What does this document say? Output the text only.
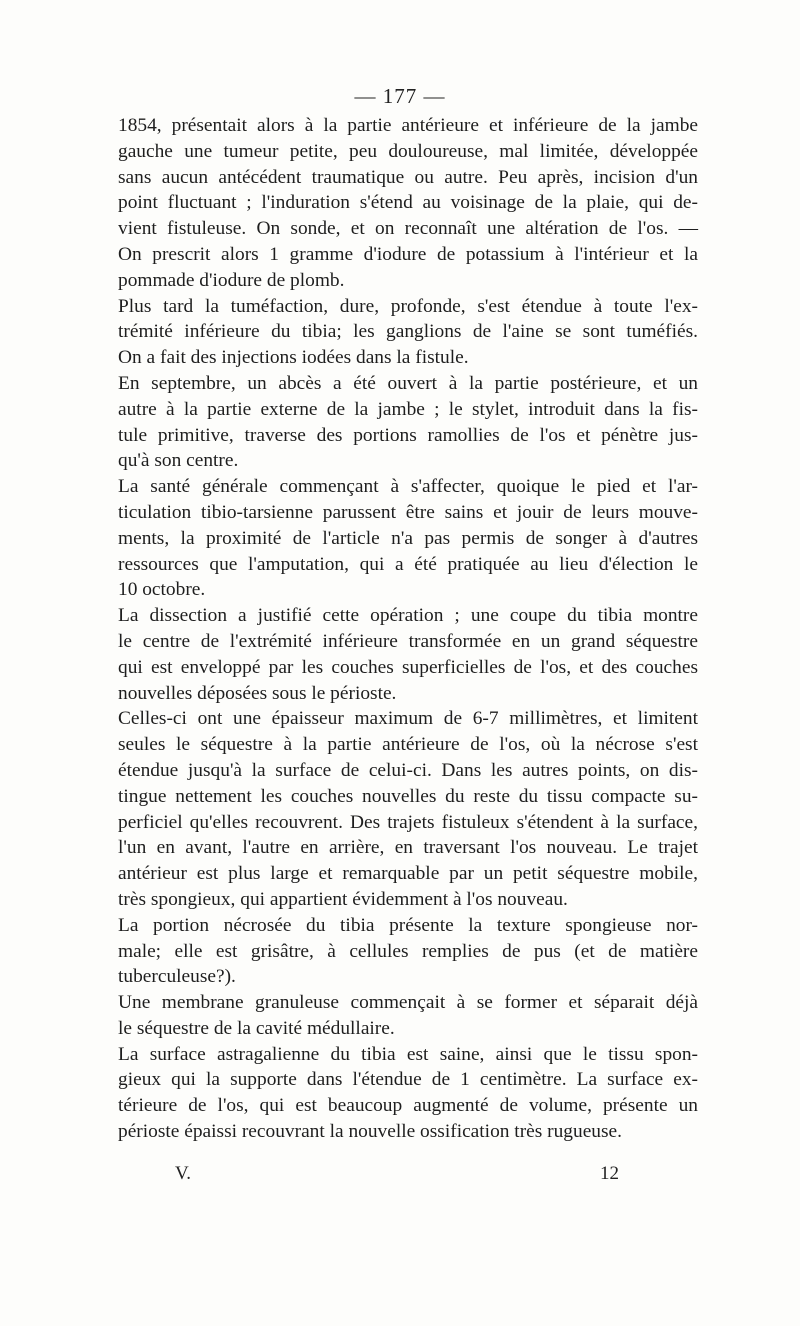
— 177 —

1854, présentait alors à la partie antérieure et inférieure de la jambe
gauche une tumeur petite, peu douloureuse, mal limitée, développée
sans aucun antécédent traumatique ou autre. Peu après, incision d'un
point fluctuant ; l'induration s'étend au voisinage de la plaie, qui de-
vient fistuleuse. On sonde, et on reconnaît une altération de l'os. —
On prescrit alors 1 gramme d'iodure de potassium à l'intérieur et la
pommade d'iodure de plomb.

Plus tard la tuméfaction, dure, profonde, s'est étendue à toute l'ex-
trémité inférieure du tibia; les ganglions de l'aine se sont tuméfiés.
On a fait des injections iodées dans la fistule.

En septembre, un abcès a été ouvert à la partie postérieure, et un
autre à la partie externe de la jambe ; le stylet, introduit dans la fis-
tule primitive, traverse des portions ramollies de l'os et pénètre jus-
qu'à son centre.

La santé générale commençant à s'affecter, quoique le pied et l'ar-
ticulation tibio-tarsienne parussent être sains et jouir de leurs mouve-
ments, la proximité de l'article n'a pas permis de songer à d'autres
ressources que l'amputation, qui a été pratiquée au lieu d'élection le
10 octobre.

La dissection a justifié cette opération ; une coupe du tibia montre
le centre de l'extrémité inférieure transformée en un grand séquestre
qui est enveloppé par les couches superficielles de l'os, et des couches
nouvelles déposées sous le périoste.

Celles-ci ont une épaisseur maximum de 6-7 millimètres, et limitent
seules le séquestre à la partie antérieure de l'os, où la nécrose s'est
étendue jusqu'à la surface de celui-ci. Dans les autres points, on dis-
tingue nettement les couches nouvelles du reste du tissu compacte su-
perficiel qu'elles recouvrent. Des trajets fistuleux s'étendent à la surface,
l'un en avant, l'autre en arrière, en traversant l'os nouveau. Le trajet
antérieur est plus large et remarquable par un petit séquestre mobile,
très spongieux, qui appartient évidemment à l'os nouveau.

La portion nécrosée du tibia présente la texture spongieuse nor-
male; elle est grisâtre, à cellules remplies de pus (et de matière
tuberculeuse?).

Une membrane granuleuse commençait à se former et séparait déjà
le séquestre de la cavité médullaire.

La surface astragalienne du tibia est saine, ainsi que le tissu spon-
gieux qui la supporte dans l'étendue de 1 centimètre. La surface ex-
térieure de l'os, qui est beaucoup augmenté de volume, présente un
périoste épaissi recouvrant la nouvelle ossification très rugueuse.

V.	12
